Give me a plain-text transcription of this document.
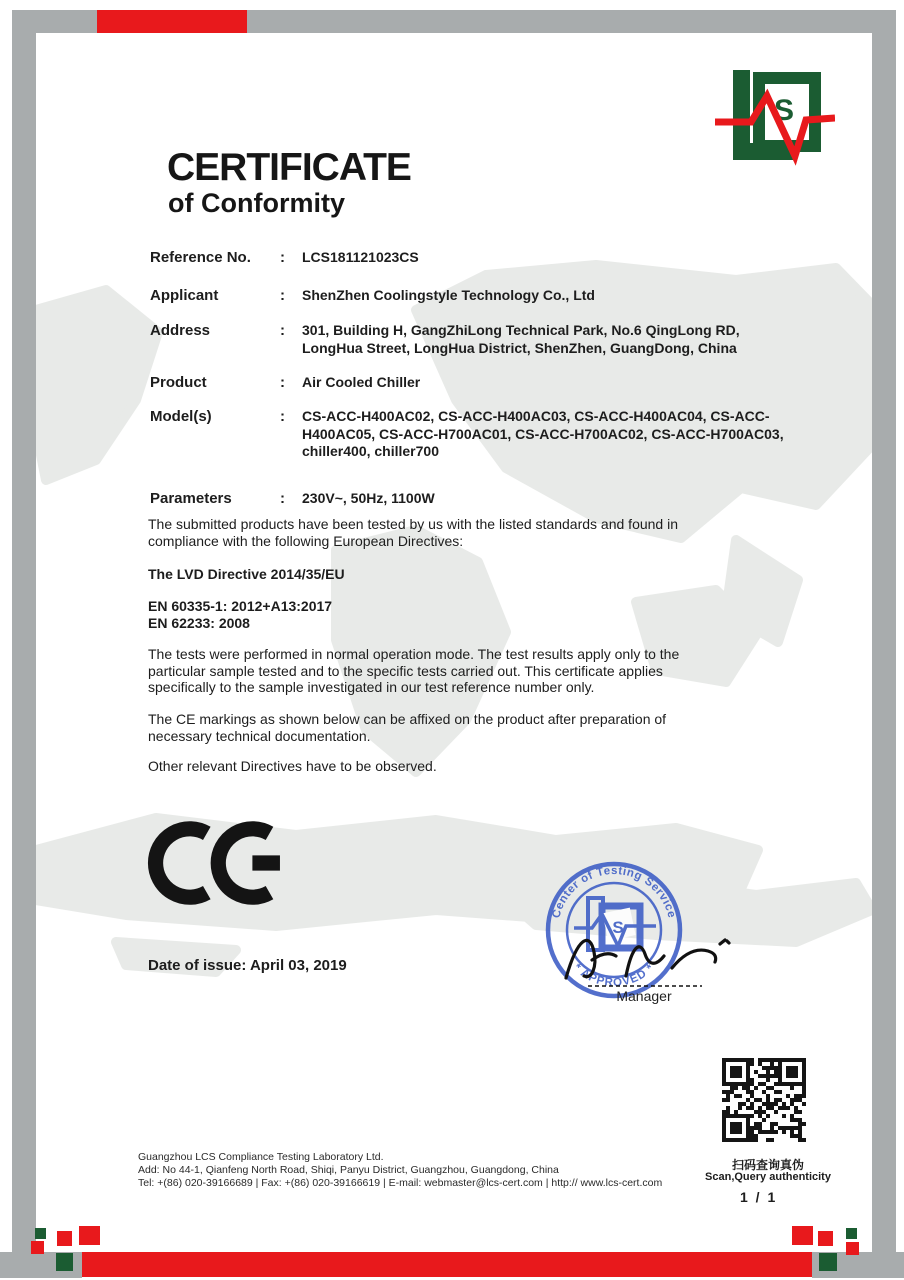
S
CERTIFICATE
of Conformity
Reference No.	:	LCS181121023CS
Applicant	:	ShenZhen Coolingstyle Technology Co., Ltd
Address	:	301, Building H, GangZhiLong Technical Park, No.6 QingLong RD, LongHua Street, LongHua District, ShenZhen, GuangDong, China
Product	:	Air Cooled Chiller
Model(s)	:	CS-ACC-H400AC02, CS-ACC-H400AC03, CS-ACC-H400AC04, CS-ACC-H400AC05, CS-ACC-H700AC01, CS-ACC-H700AC02, CS-ACC-H700AC03, chiller400, chiller700
Parameters	:	230V~, 50Hz, 1100W
The submitted products have been tested by us with the listed standards and found in compliance with the following European Directives:
The LVD Directive 2014/35/EU
EN 60335-1: 2012+A13:2017
EN 62233: 2008
The tests were performed in normal operation mode. The test results apply only to the particular sample tested and to the specific tests carried out. This certificate applies specifically to the sample investigated in our test reference number only.
The CE markings as shown below can be affixed on the product after preparation of necessary technical documentation.
Other relevant Directives have to be observed.
Date of issue: April 03, 2019
Center of Testing Service
* APPROVED *
S
Manager
Guangzhou LCS Compliance Testing Laboratory Ltd.
Add: No 44-1, Qianfeng North Road, Shiqi, Panyu District, Guangzhou, Guangdong, China
Tel: +(86) 020-39166689 | Fax: +(86) 020-39166619 | E-mail: webmaster@lcs-cert.com | http:// www.lcs-cert.com
扫码查询真伪
Scan,Query authenticity
1 / 1
